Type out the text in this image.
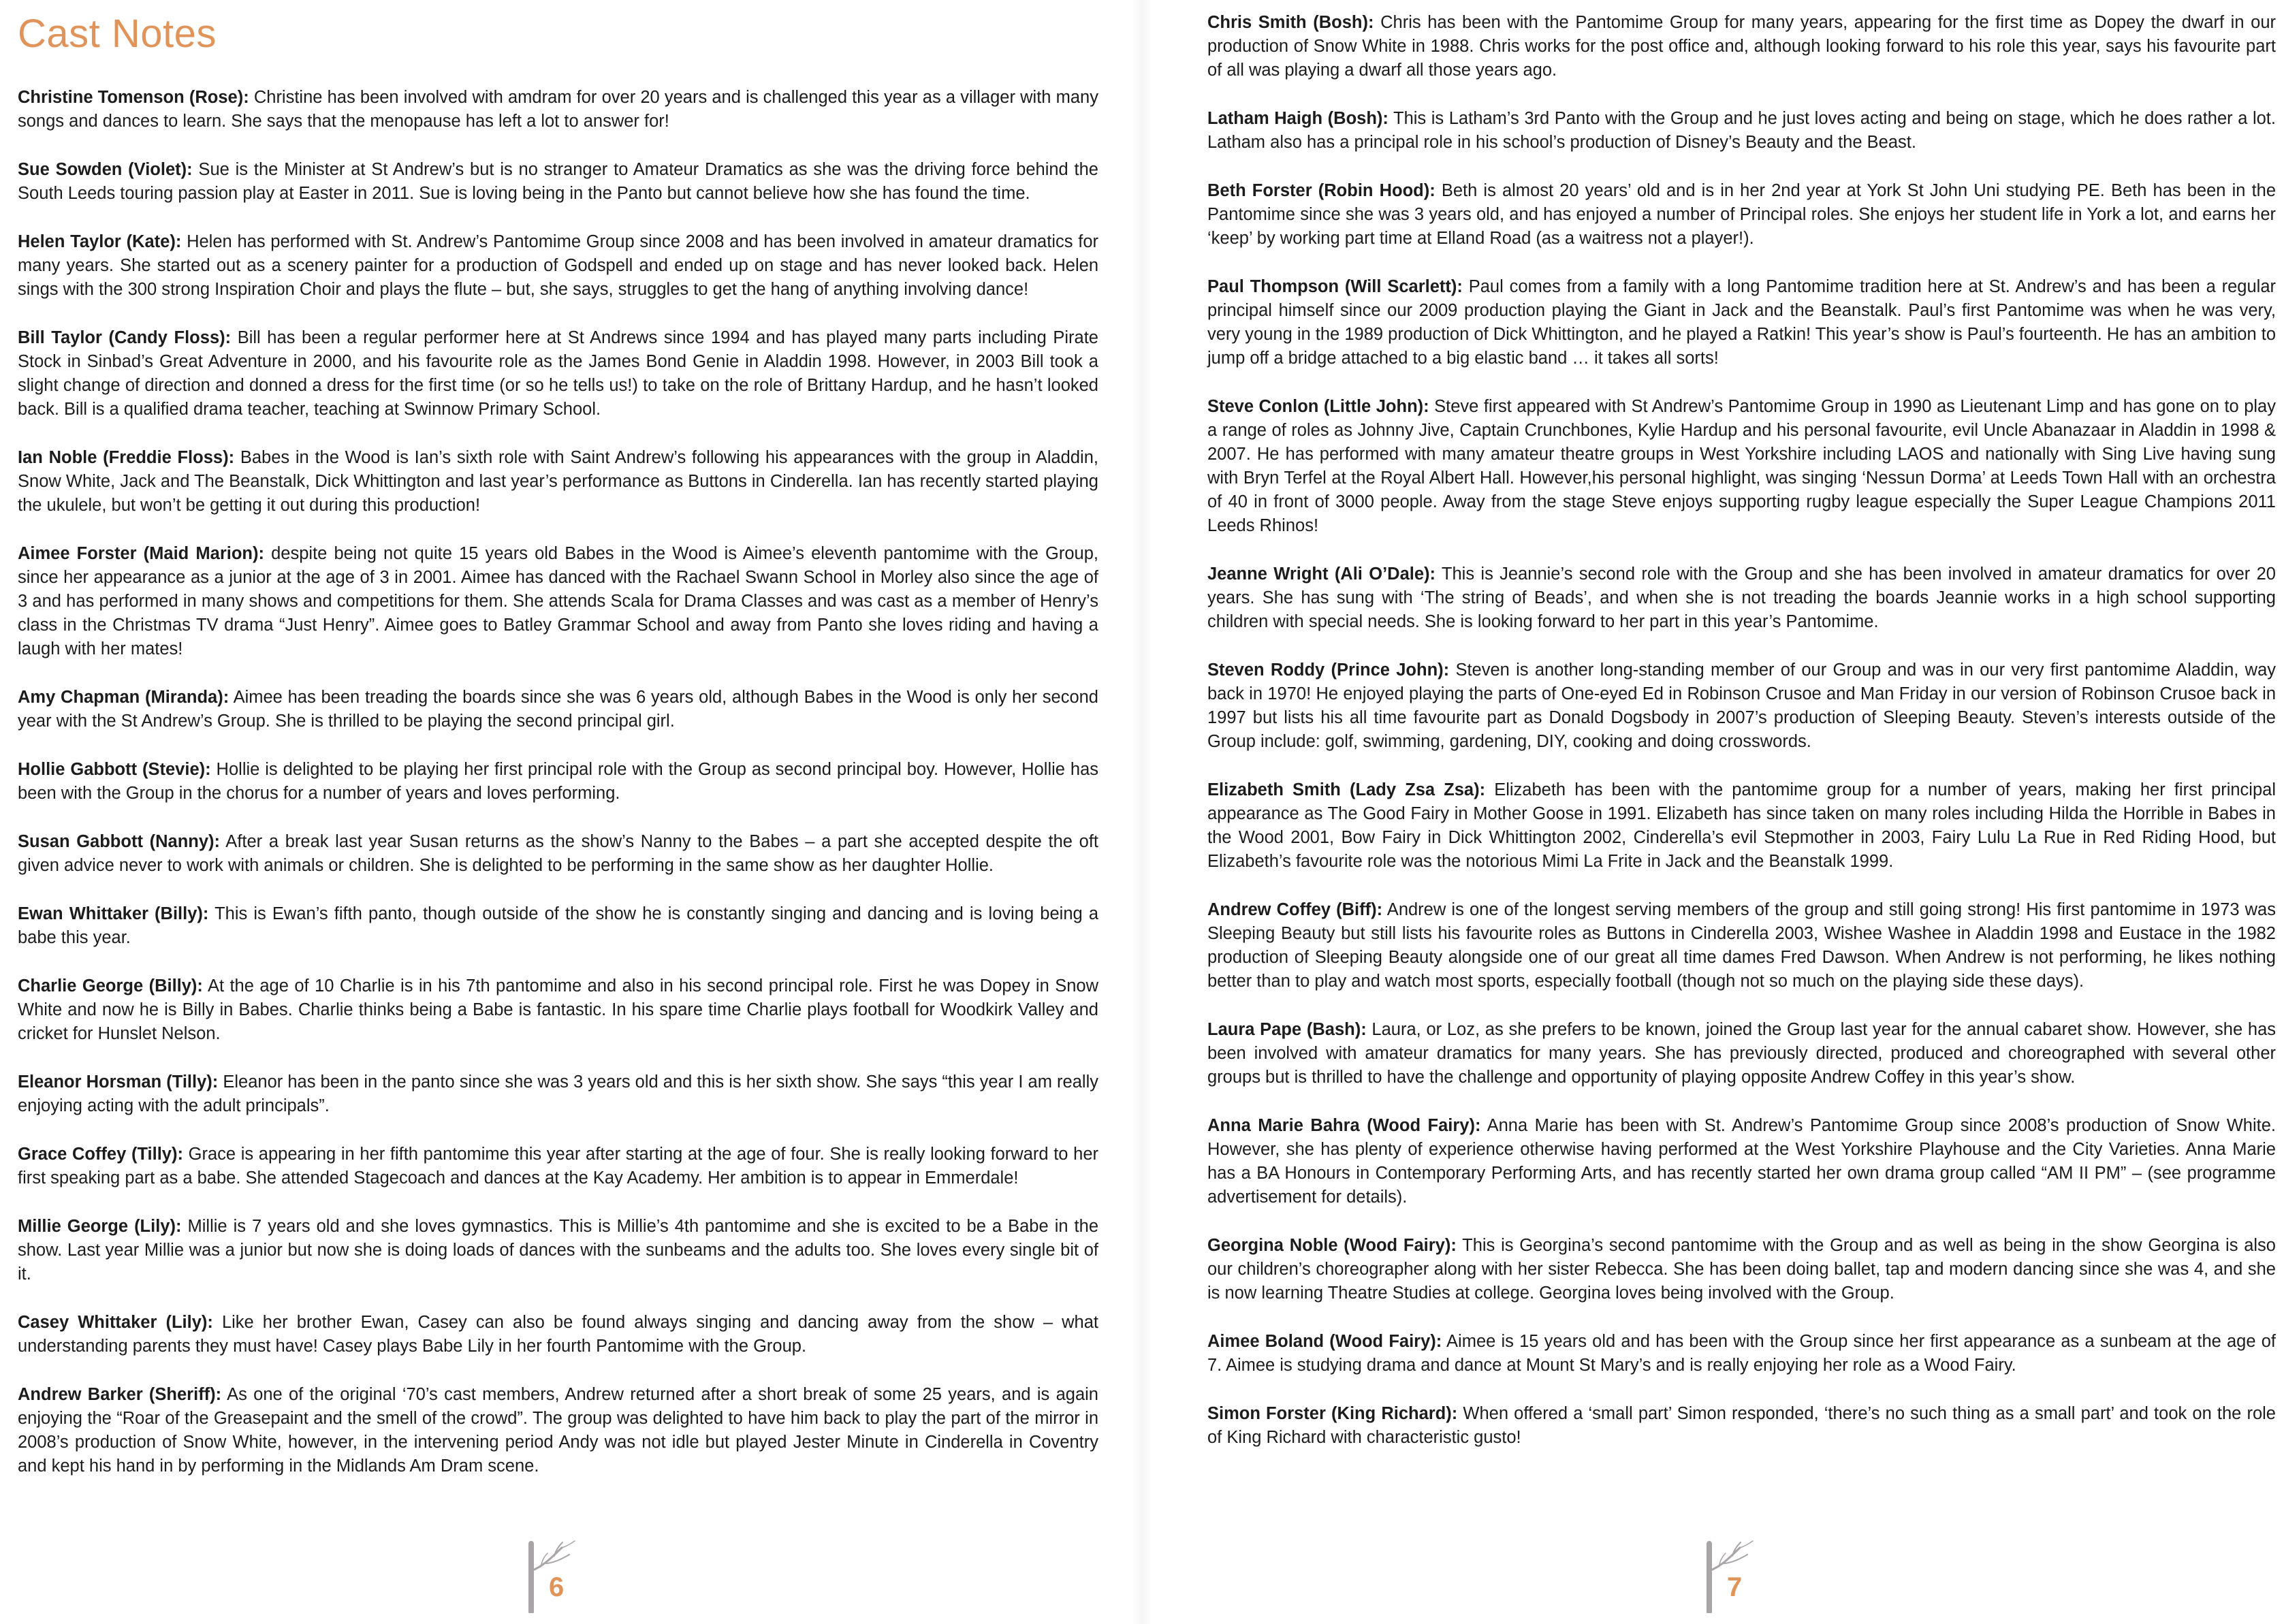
Cast Notes

Christine Tomenson (Rose): Christine has been involved with amdram for over 20 years and is challenged this year as a villager with many songs and dances to learn. She says that the menopause has left a lot to answer for!

Sue Sowden (Violet): Sue is the Minister at St Andrew’s but is no stranger to Amateur Dramatics as she was the driving force behind the South Leeds touring passion play at Easter in 2011. Sue is loving being in the Panto but cannot believe how she has found the time.

Helen Taylor (Kate): Helen has performed with St. Andrew’s Pantomime Group since 2008 and has been involved in amateur dramatics for many years. She started out as a scenery painter for a production of Godspell and ended up on stage and has never looked back. Helen sings with the 300 strong Inspiration Choir and plays the flute – but, she says, struggles to get the hang of anything involving dance!

Bill Taylor (Candy Floss): Bill has been a regular performer here at St Andrews since 1994 and has played many parts including Pirate Stock in Sinbad’s Great Adventure in 2000, and his favourite role as the James Bond Genie in Aladdin 1998. However, in 2003 Bill took a slight change of direction and donned a dress for the first time (or so he tells us!) to take on the role of Brittany Hardup, and he hasn’t looked back. Bill is a qualified drama teacher, teaching at Swinnow Primary School.

Ian Noble (Freddie Floss): Babes in the Wood is Ian’s sixth role with Saint Andrew’s following his appearances with the group in Aladdin, Snow White, Jack and The Beanstalk, Dick Whittington and last year’s performance as Buttons in Cinderella. Ian has recently started playing the ukulele, but won’t be getting it out during this production!

Aimee Forster (Maid Marion): despite being not quite 15 years old Babes in the Wood is Aimee’s eleventh pantomime with the Group, since her appearance as a junior at the age of 3 in 2001. Aimee has danced with the Rachael Swann School in Morley also since the age of 3 and has performed in many shows and competitions for them. She attends Scala for Drama Classes and was cast as a member of Henry’s class in the Christmas TV drama “Just Henry”. Aimee goes to Batley Grammar School and away from Panto she loves riding and having a laugh with her mates!

Amy Chapman (Miranda): Aimee has been treading the boards since she was 6 years old, although Babes in the Wood is only her second year with the St Andrew’s Group. She is thrilled to be playing the second principal girl.

Hollie Gabbott (Stevie): Hollie is delighted to be playing her first principal role with the Group as second principal boy. However, Hollie has been with the Group in the chorus for a number of years and loves performing.

Susan Gabbott (Nanny): After a break last year Susan returns as the show’s Nanny to the Babes – a part she accepted despite the oft given advice never to work with animals or children. She is delighted to be performing in the same show as her daughter Hollie.

Ewan Whittaker (Billy): This is Ewan’s fifth panto, though outside of the show he is constantly singing and dancing and is loving being a babe this year.

Charlie George (Billy): At the age of 10 Charlie is in his 7th pantomime and also in his second principal role. First he was Dopey in Snow White and now he is Billy in Babes. Charlie thinks being a Babe is fantastic. In his spare time Charlie plays football for Woodkirk Valley and cricket for Hunslet Nelson.

Eleanor Horsman (Tilly): Eleanor has been in the panto since she was 3 years old and this is her sixth show. She says “this year I am really enjoying acting with the adult principals”.

Grace Coffey (Tilly): Grace is appearing in her fifth pantomime this year after starting at the age of four. She is really looking forward to her first speaking part as a babe. She attended Stagecoach and dances at the Kay Academy. Her ambition is to appear in Emmerdale!

Millie George (Lily): Millie is 7 years old and she loves gymnastics. This is Millie’s 4th pantomime and she is excited to be a Babe in the show. Last year Millie was a junior but now she is doing loads of dances with the sunbeams and the adults too. She loves every single bit of it.

Casey Whittaker (Lily): Like her brother Ewan, Casey can also be found always singing and dancing away from the show – what understanding parents they must have! Casey plays Babe Lily in her fourth Pantomime with the Group.

Andrew Barker (Sheriff): As one of the original ‘70’s cast members, Andrew returned after a short break of some 25 years, and is again enjoying the “Roar of the Greasepaint and the smell of the crowd”. The group was delighted to have him back to play the part of the mirror in 2008’s production of Snow White, however, in the intervening period Andy was not idle but played Jester Minute in Cinderella in Coventry and kept his hand in by performing in the Midlands Am Dram scene.

Chris Smith (Bosh): Chris has been with the Pantomime Group for many years, appearing for the first time as Dopey the dwarf in our production of Snow White in 1988. Chris works for the post office and, although looking forward to his role this year, says his favourite part of all was playing a dwarf all those years ago.

Latham Haigh (Bosh): This is Latham’s 3rd Panto with the Group and he just loves acting and being on stage, which he does rather a lot. Latham also has a principal role in his school’s production of Disney’s Beauty and the Beast.

Beth Forster (Robin Hood): Beth is almost 20 years’ old and is in her 2nd year at York St John Uni studying PE. Beth has been in the Pantomime since she was 3 years old, and has enjoyed a number of Principal roles. She enjoys her student life in York a lot, and earns her ‘keep’ by working part time at Elland Road (as a waitress not a player!).

Paul Thompson (Will Scarlett): Paul comes from a family with a long Pantomime tradition here at St. Andrew’s and has been a regular principal himself since our 2009 production playing the Giant in Jack and the Beanstalk. Paul’s first Pantomime was when he was very, very young in the 1989 production of Dick Whittington, and he played a Ratkin! This year’s show is Paul’s fourteenth. He has an ambition to jump off a bridge attached to a big elastic band … it takes all sorts!

Steve Conlon (Little John): Steve first appeared with St Andrew’s Pantomime Group in 1990 as Lieutenant Limp and has gone on to play a range of roles as Johnny Jive, Captain Crunchbones, Kylie Hardup and his personal favourite, evil Uncle Abanazaar in Aladdin in 1998 & 2007. He has performed with many amateur theatre groups in West Yorkshire including LAOS and nationally with Sing Live having sung with Bryn Terfel at the Royal Albert Hall. However,his personal highlight, was singing ‘Nessun Dorma’ at Leeds Town Hall with an orchestra of 40 in front of 3000 people. Away from the stage Steve enjoys supporting rugby league especially the Super League Champions 2011 Leeds Rhinos!

Jeanne Wright (Ali O’Dale): This is Jeannie’s second role with the Group and she has been involved in amateur dramatics for over 20 years. She has sung with ‘The string of Beads’, and when she is not treading the boards Jeannie works in a high school supporting children with special needs. She is looking forward to her part in this year’s Pantomime.

Steven Roddy (Prince John): Steven is another long-standing member of our Group and was in our very first pantomime Aladdin, way back in 1970! He enjoyed playing the parts of One-eyed Ed in Robinson Crusoe and Man Friday in our version of Robinson Crusoe back in 1997 but lists his all time favourite part as Donald Dogsbody in 2007’s production of Sleeping Beauty. Steven’s interests outside of the Group include: golf, swimming, gardening, DIY, cooking and doing crosswords.

Elizabeth Smith (Lady Zsa Zsa): Elizabeth has been with the pantomime group for a number of years, making her first principal appearance as The Good Fairy in Mother Goose in 1991. Elizabeth has since taken on many roles including Hilda the Horrible in Babes in the Wood 2001, Bow Fairy in Dick Whittington 2002, Cinderella’s evil Stepmother in 2003, Fairy Lulu La Rue in Red Riding Hood, but Elizabeth’s favourite role was the notorious Mimi La Frite in Jack and the Beanstalk 1999.

Andrew Coffey (Biff): Andrew is one of the longest serving members of the group and still going strong! His first pantomime in 1973 was Sleeping Beauty but still lists his favourite roles as Buttons in Cinderella 2003, Wishee Washee in Aladdin 1998 and Eustace in the 1982 production of Sleeping Beauty alongside one of our great all time dames Fred Dawson. When Andrew is not performing, he likes nothing better than to play and watch most sports, especially football (though not so much on the playing side these days).

Laura Pape (Bash): Laura, or Loz, as she prefers to be known, joined the Group last year for the annual cabaret show. However, she has been involved with amateur dramatics for many years. She has previously directed, produced and choreographed with several other groups but is thrilled to have the challenge and opportunity of playing opposite Andrew Coffey in this year’s show.

Anna Marie Bahra (Wood Fairy): Anna Marie has been with St. Andrew’s Pantomime Group since 2008’s production of Snow White. However, she has plenty of experience otherwise having performed at the West Yorkshire Playhouse and the City Varieties. Anna Marie has a BA Honours in Contemporary Performing Arts, and has recently started her own drama group called “AM II PM” – (see programme advertisement for details).

Georgina Noble (Wood Fairy): This is Georgina’s second pantomime with the Group and as well as being in the show Georgina is also our children’s choreographer along with her sister Rebecca. She has been doing ballet, tap and modern dancing since she was 4, and she is now learning Theatre Studies at college. Georgina loves being involved with the Group.

Aimee Boland (Wood Fairy): Aimee is 15 years old and has been with the Group since her first appearance as a sunbeam at the age of 7. Aimee is studying drama and dance at Mount St Mary’s and is really enjoying her role as a Wood Fairy.

Simon Forster (King Richard): When offered a ‘small part’ Simon responded, ‘there’s no such thing as a small part’ and took on the role of King Richard with characteristic gusto!

6	7
